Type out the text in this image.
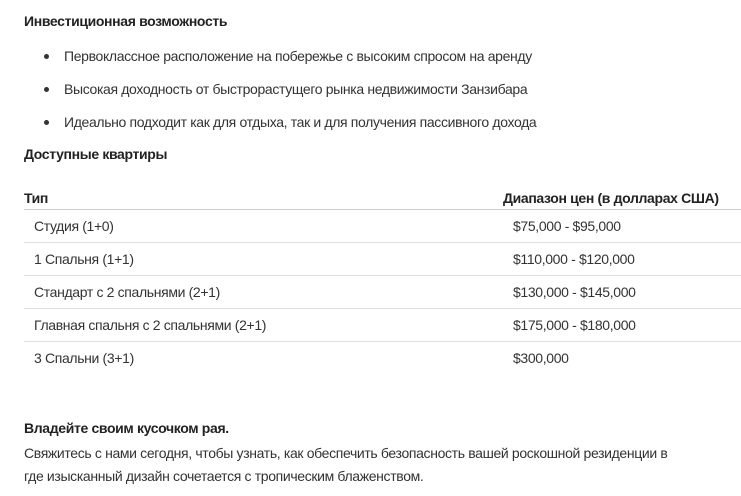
Инвестиционная возможность
Первоклассное расположение на побережье с высоким спросом на аренду
Высокая доходность от быстрорастущего рынка недвижимости Занзибара
Идеально подходит как для отдыха, так и для получения пассивного дохода
Доступные квартиры
Тип	Диапазон цен (в долларах США)
Студия (1+0)	$75,000 - $95,000
1 Спальня (1+1)	$110,000 - $120,000
Стандарт с 2 спальнями (2+1)	$130,000 - $145,000
Главная спальня с 2 спальнями (2+1)	$175,000 - $180,000
3 Спальни (3+1)	$300,000
Владейте своим кусочком рая.
Свяжитесь с нами сегодня, чтобы узнать, как обеспечить безопасность вашей роскошной резиденции в
где изысканный дизайн сочетается с тропическим блаженством.
